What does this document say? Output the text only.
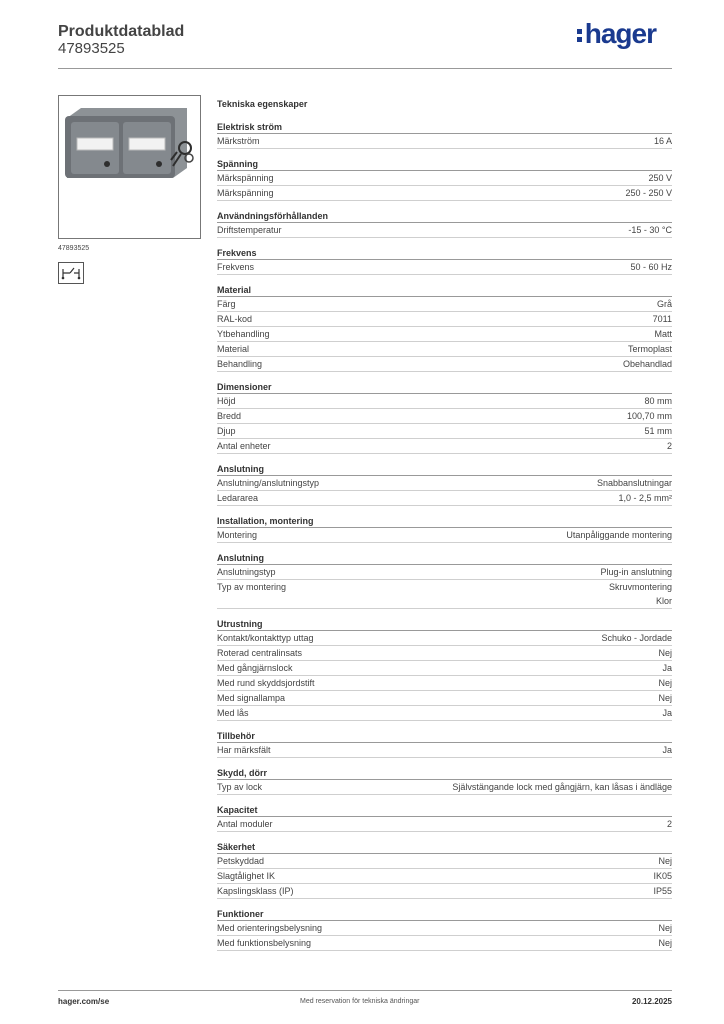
Produktdatablad
47893525	hager
47893525
Tekniska egenskaper
Elektrisk ström
Märkström	16 A
Spänning
Märkspänning	250 V
Märkspänning	250 - 250 V
Användningsförhållanden
Driftstemperatur	-15 - 30 °C
Frekvens
Frekvens	50 - 60 Hz
Material
Färg	Grå
RAL-kod	7011
Ytbehandling	Matt
Material	Termoplast
Behandling	Obehandlad
Dimensioner
Höjd	80 mm
Bredd	100,70 mm
Djup	51 mm
Antal enheter	2
Anslutning
Anslutning/anslutningstyp	Snabbanslutningar
Ledararea	1,0 - 2,5 mm²
Installation, montering
Montering	Utanpåliggande montering
Anslutning
Anslutningstyp	Plug-in anslutning
Typ av montering	Skruvmontering
Klor
Utrustning
Kontakt/kontakttyp uttag	Schuko - Jordade
Roterad centralinsats	Nej
Med gångjärnslock	Ja
Med rund skyddsjordstift	Nej
Med signallampa	Nej
Med lås	Ja
Tillbehör
Har märksfält	Ja
Skydd, dörr
Typ av lock	Självstängande lock med gångjärn, kan låsas i ändläge
Kapacitet
Antal moduler	2
Säkerhet
Petskyddad	Nej
Slagtålighet IK	IK05
Kapslingsklass (IP)	IP55
Funktioner
Med orienteringsbelysning	Nej
Med funktionsbelysning	Nej
hager.com/se	Med reservation för tekniska ändringar	20.12.2025
